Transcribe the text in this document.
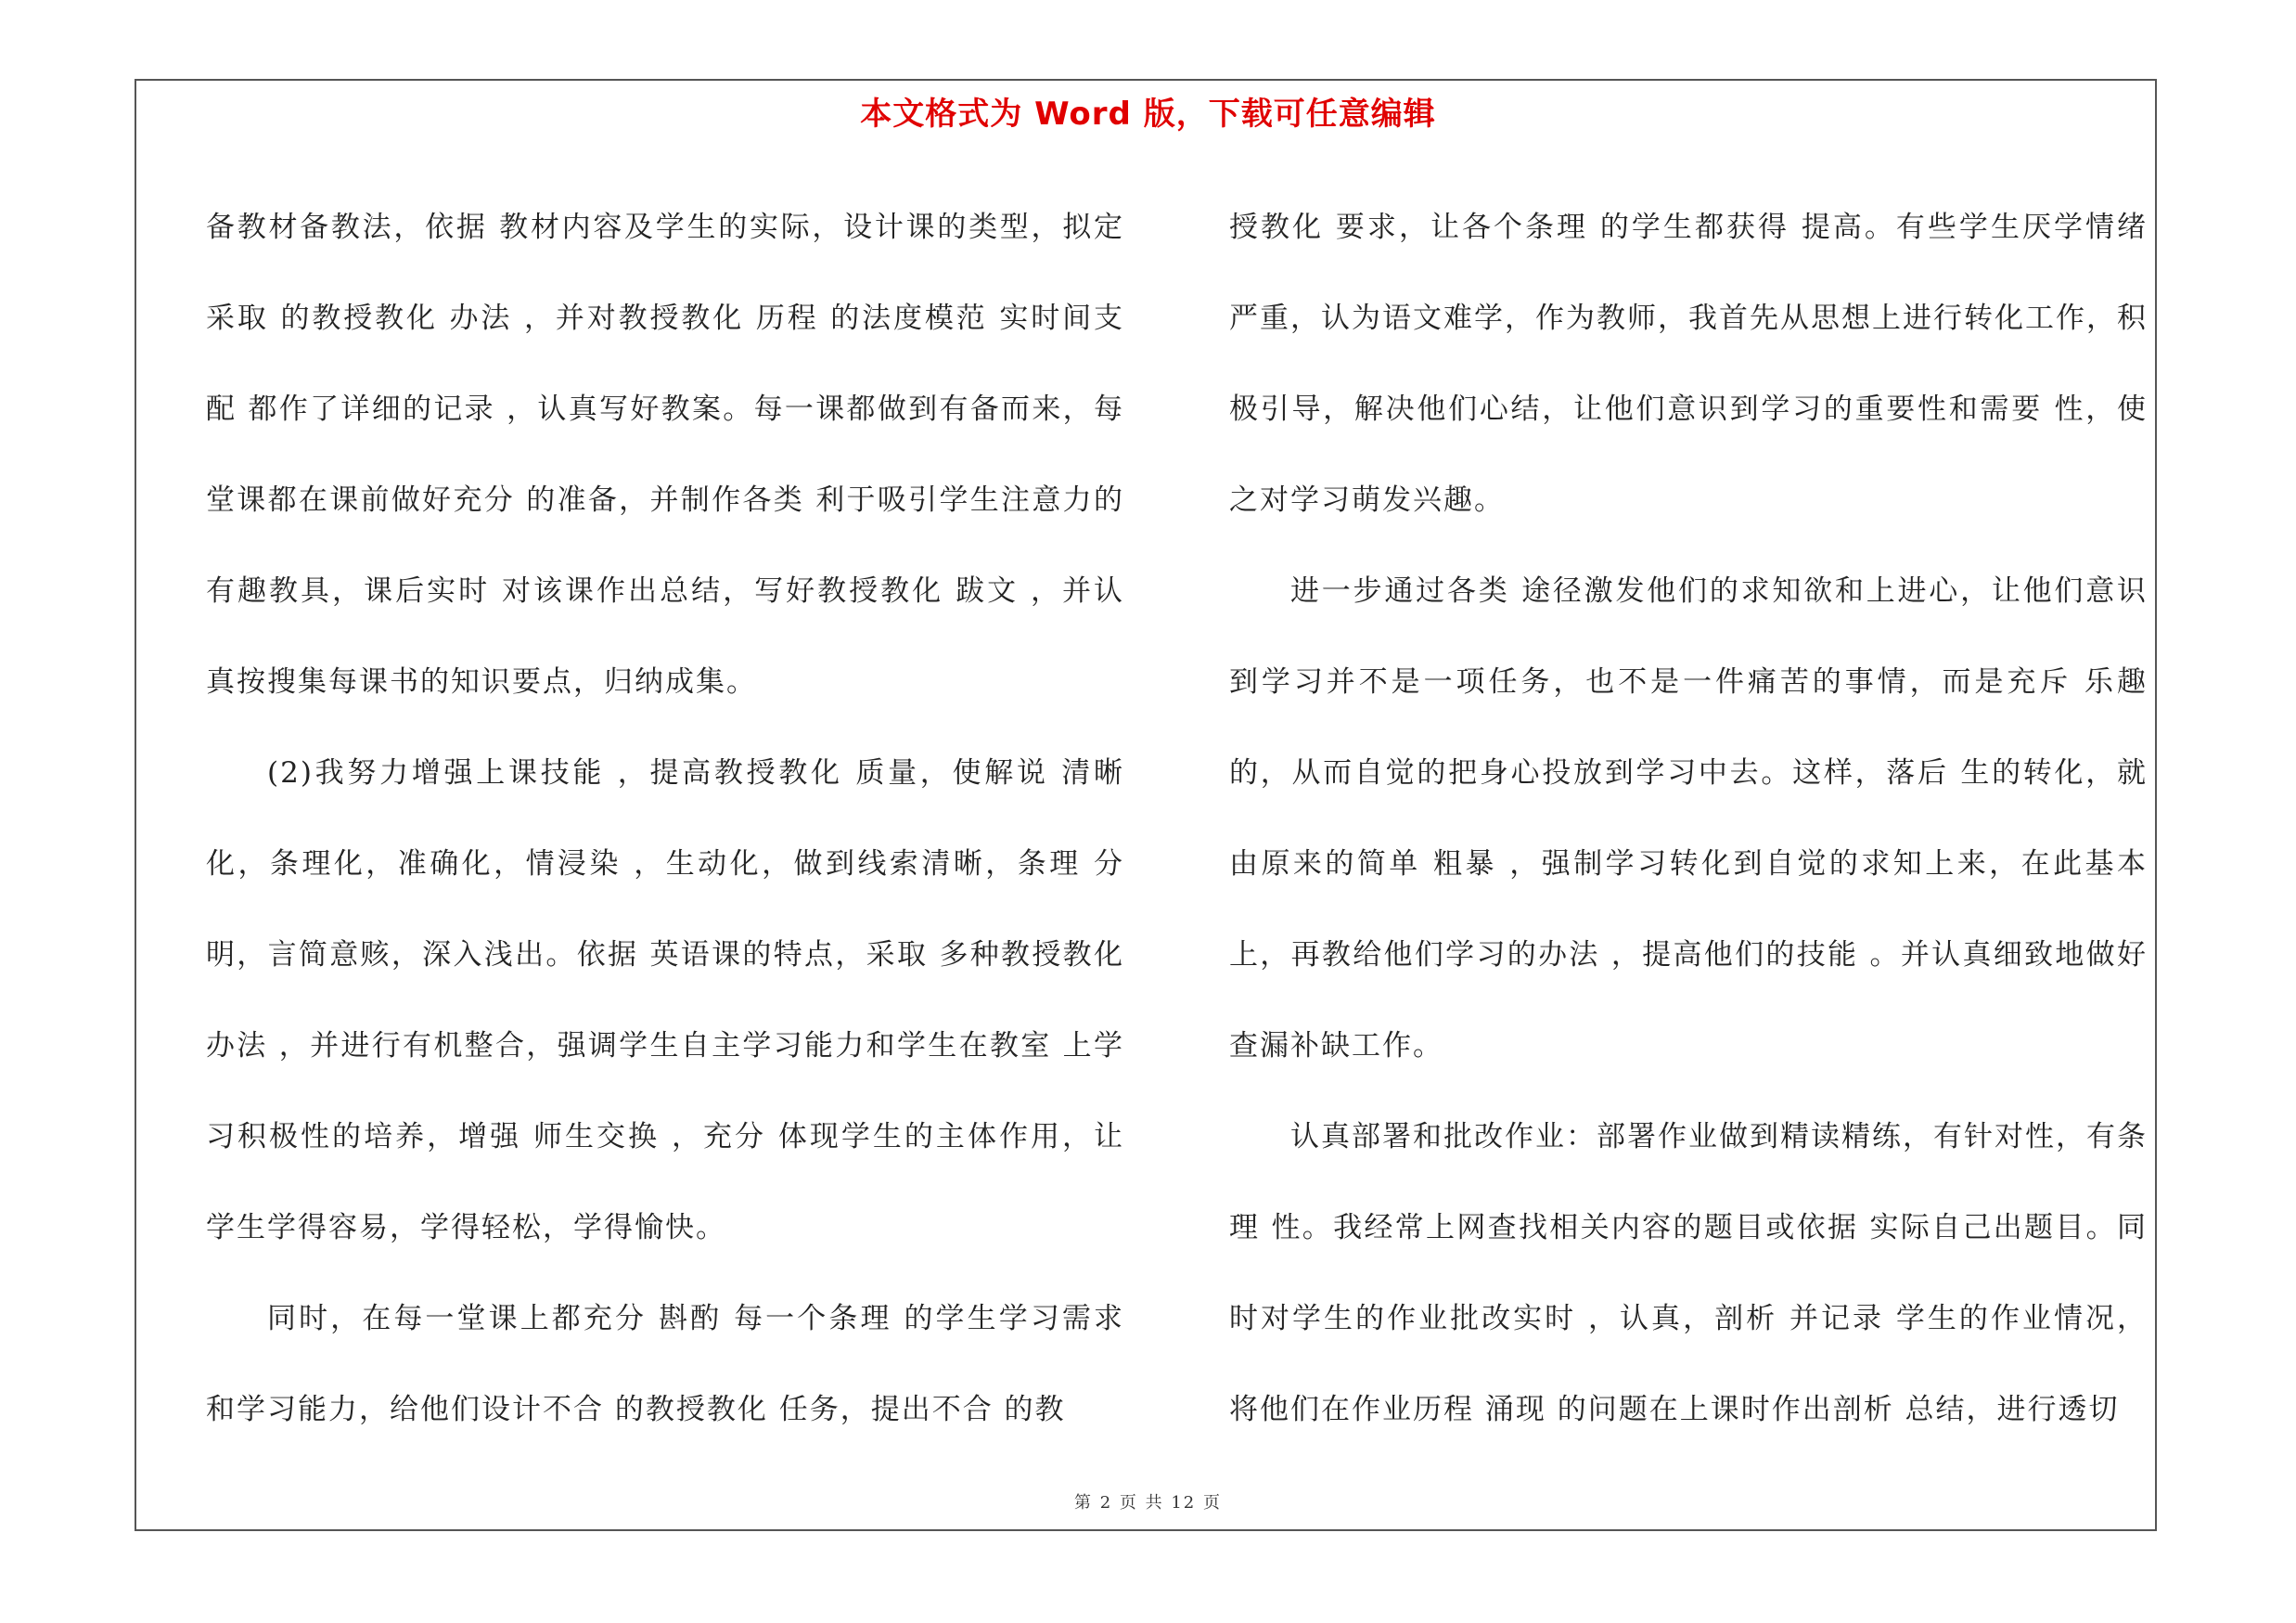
本文格式为 Word 版，下载可任意编辑

备教材备教法，依据 教材内容及学生的实际，设计课的类型，拟定采取 的教授教化 办法 ，并对教授教化 历程 的法度模范 实时间支配 都作了详细的记录 ，认真写好教案。每一课都做到有备而来，每堂课都在课前做好充分 的准备，并制作各类 利于吸引学生注意力的有趣教具，课后实时 对该课作出总结，写好教授教化 跋文 ，并认真按搜集每课书的知识要点，归纳成集。

(2)我努力增强上课技能 ，提高教授教化 质量，使解说 清晰化，条理化，准确化，情浸染 ，生动化，做到线索清晰，条理 分明，言简意赅，深入浅出。依据 英语课的特点，采取 多种教授教化 办法 ，并进行有机整合，强调学生自主学习能力和学生在教室 上学习积极性的培养，增强 师生交换 ，充分 体现学生的主体作用，让学生学得容易，学得轻松，学得愉快。

同时，在每一堂课上都充分 斟酌 每一个条理 的学生学习需求和学习能力，给他们设计不合 的教授教化 任务，提出不合 的教

授教化 要求，让各个条理 的学生都获得 提高。有些学生厌学情绪严重，认为语文难学，作为教师，我首先从思想上进行转化工作，积极引导，解决他们心结，让他们意识到学习的重要性和需要 性，使之对学习萌发兴趣。

进一步通过各类 途径激发他们的求知欲和上进心，让他们意识到学习并不是一项任务，也不是一件痛苦的事情，而是充斥 乐趣的，从而自觉的把身心投放到学习中去。这样，落后 生的转化，就由原来的简单 粗暴 ，强制学习转化到自觉的求知上来，在此基本 上，再教给他们学习的办法 ，提高他们的技能 。并认真细致地做好查漏补缺工作。

认真部署和批改作业：部署作业做到精读精练，有针对性，有条理 性。我经常上网查找相关内容的题目或依据 实际自己出题目。同时对学生的作业批改实时 ，认真，剖析 并记录 学生的作业情况，将他们在作业历程 涌现 的问题在上课时作出剖析 总结，进行透切

第 2 页 共 12 页
